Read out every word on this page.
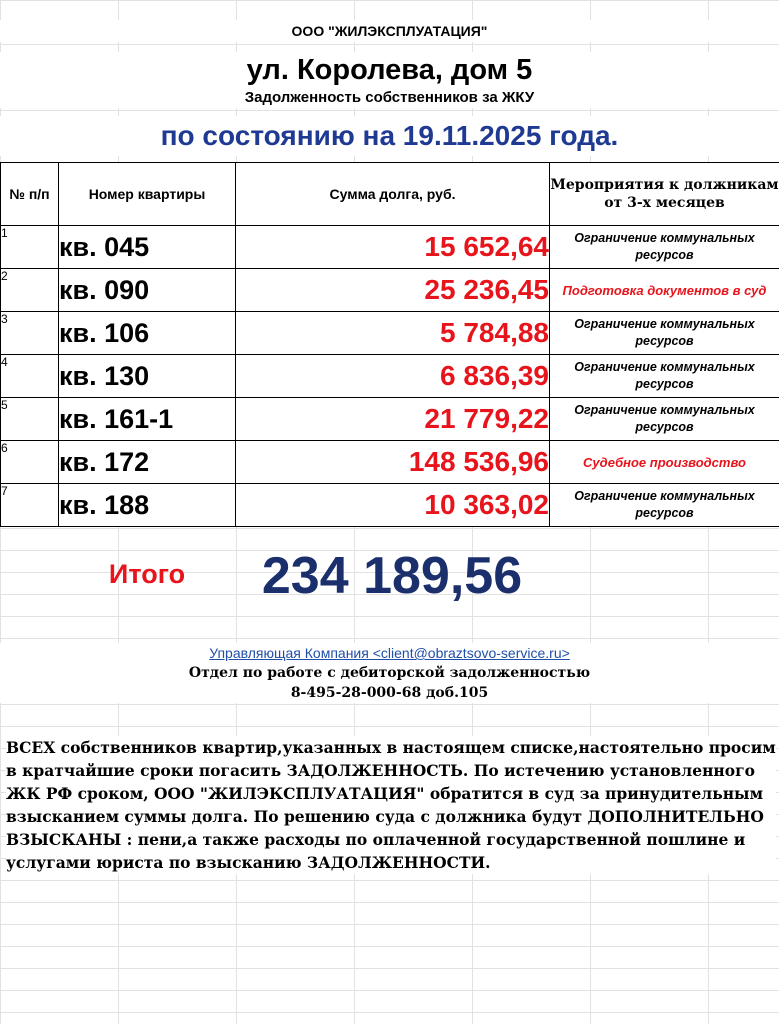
ООО "ЖИЛЭКСПЛУАТАЦИЯ"
ул. Королева, дом 5
Задолженность собственников за ЖКУ
по состоянию на 19.11.2025 года.
№ п/п	Номер квартиры	Сумма долга, руб.	Мероприятия к должникам от 3-х месяцев
1	кв. 045	15 652,64	Ограничение коммунальных ресурсов
2	кв. 090	25 236,45	Подготовка документов в суд
3	кв. 106	5 784,88	Ограничение коммунальных ресурсов
4	кв. 130	6 836,39	Ограничение коммунальных ресурсов
5	кв. 161-1	21 779,22	Ограничение коммунальных ресурсов
6	кв. 172	148 536,96	Судебное производство
7	кв. 188	10 363,02	Ограничение коммунальных ресурсов
Итого	234 189,56
Управляющая Компания <client@obraztsovo-service.ru>
Отдел по работе с дебиторской задолженностью
8-495-28-000-68 доб.105
ВСЕХ собственников квартир,указанных в настоящем списке,настоятельно просим в кратчайшие сроки погасить ЗАДОЛЖЕННОСТЬ. По истечению установленного ЖК РФ сроком, ООО "ЖИЛЭКСПЛУАТАЦИЯ" обратится в суд за принудительным взысканием суммы долга. По решению суда с должника будут ДОПОЛНИТЕЛЬНО ВЗЫСКАНЫ : пени,а также расходы по оплаченной государственной пошлине и услугами юриста по взысканию ЗАДОЛЖЕННОСТИ.
